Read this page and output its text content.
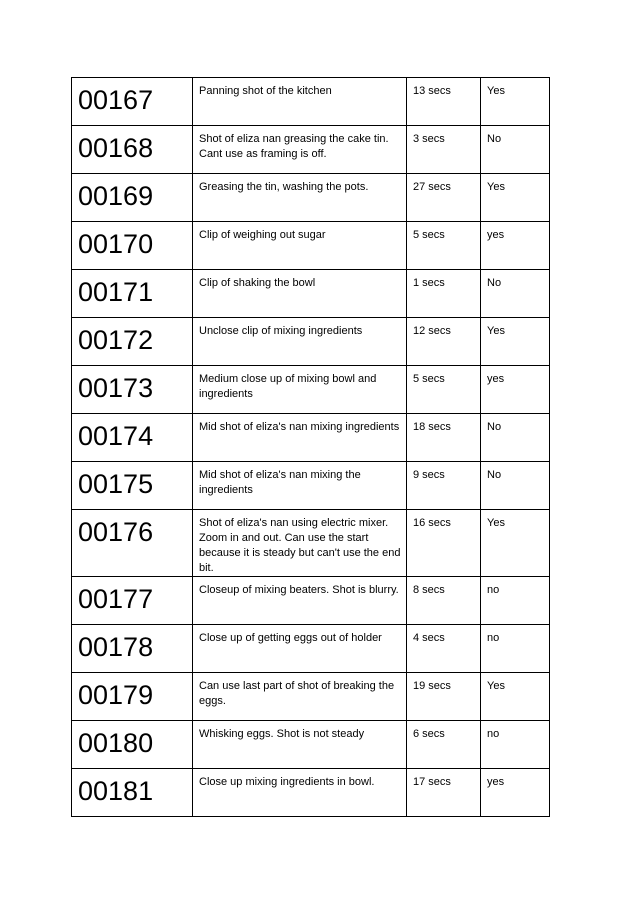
00167	Panning shot of the kitchen	13 secs	Yes

00168	Shot of eliza nan greasing the cake tin. Cant use as framing is off.	3 secs	No

00169	Greasing the tin, washing the pots.	27 secs	Yes

00170	Clip of weighing out sugar	5 secs	yes

00171	Clip of shaking the bowl	1 secs	No

00172	Unclose clip of mixing ingredients	12 secs	Yes

00173	Medium close up of mixing bowl and ingredients	5 secs	yes

00174	Mid shot of eliza's nan mixing ingredients	18 secs	No

00175	Mid shot of eliza's nan mixing the ingredients	9 secs	No

00176	Shot of eliza's nan using electric mixer. Zoom in and out. Can use the start because it is steady but can't use the end bit.	16 secs	Yes

00177	Closeup of mixing beaters. Shot is blurry.	8 secs	no

00178	Close up of getting eggs out of holder	4 secs	no

00179	Can use last part of shot of breaking the eggs.	19 secs	Yes

00180	Whisking eggs. Shot is not steady	6 secs	no

00181	Close up mixing ingredients in bowl.	17 secs	yes
